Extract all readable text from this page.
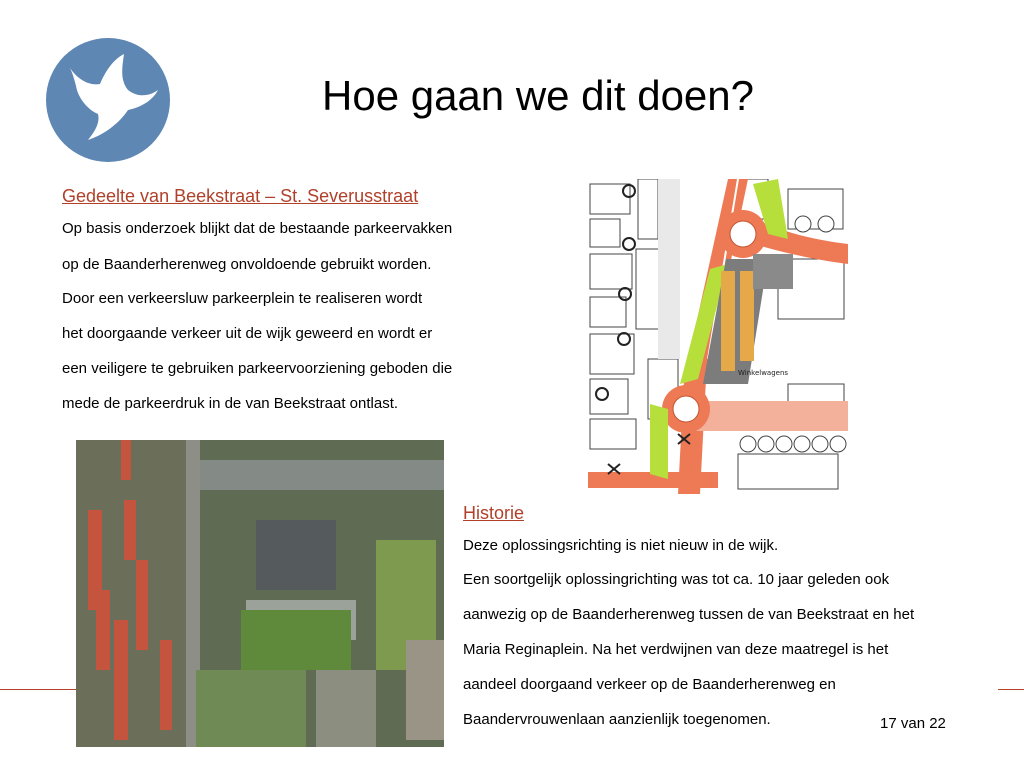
Hoe gaan we dit doen?
Gedeelte van Beekstraat – St. Severusstraat

Op basis onderzoek blijkt dat de bestaande parkeervakken

op de Baanderherenweg onvoldoende gebruikt worden.

Door een verkeersluw parkeerplein te realiseren wordt

het doorgaande verkeer uit de wijk geweerd en wordt er

een veiligere te gebruiken parkeervoorziening geboden die

mede de parkeerdruk in de van Beekstraat ontlast.

Winkelwagens
Historie

Deze oplossingsrichting is niet nieuw in de wijk.

Een soortgelijk oplossingrichting was tot ca. 10 jaar geleden ook

aanwezig op de Baanderherenweg tussen de van Beekstraat en het

Maria Reginaplein. Na het verdwijnen van deze maatregel is het

aandeel doorgaand verkeer op de Baanderherenweg en

Baandervrouwenlaan aanzienlijk toegenomen.	17 van 22
